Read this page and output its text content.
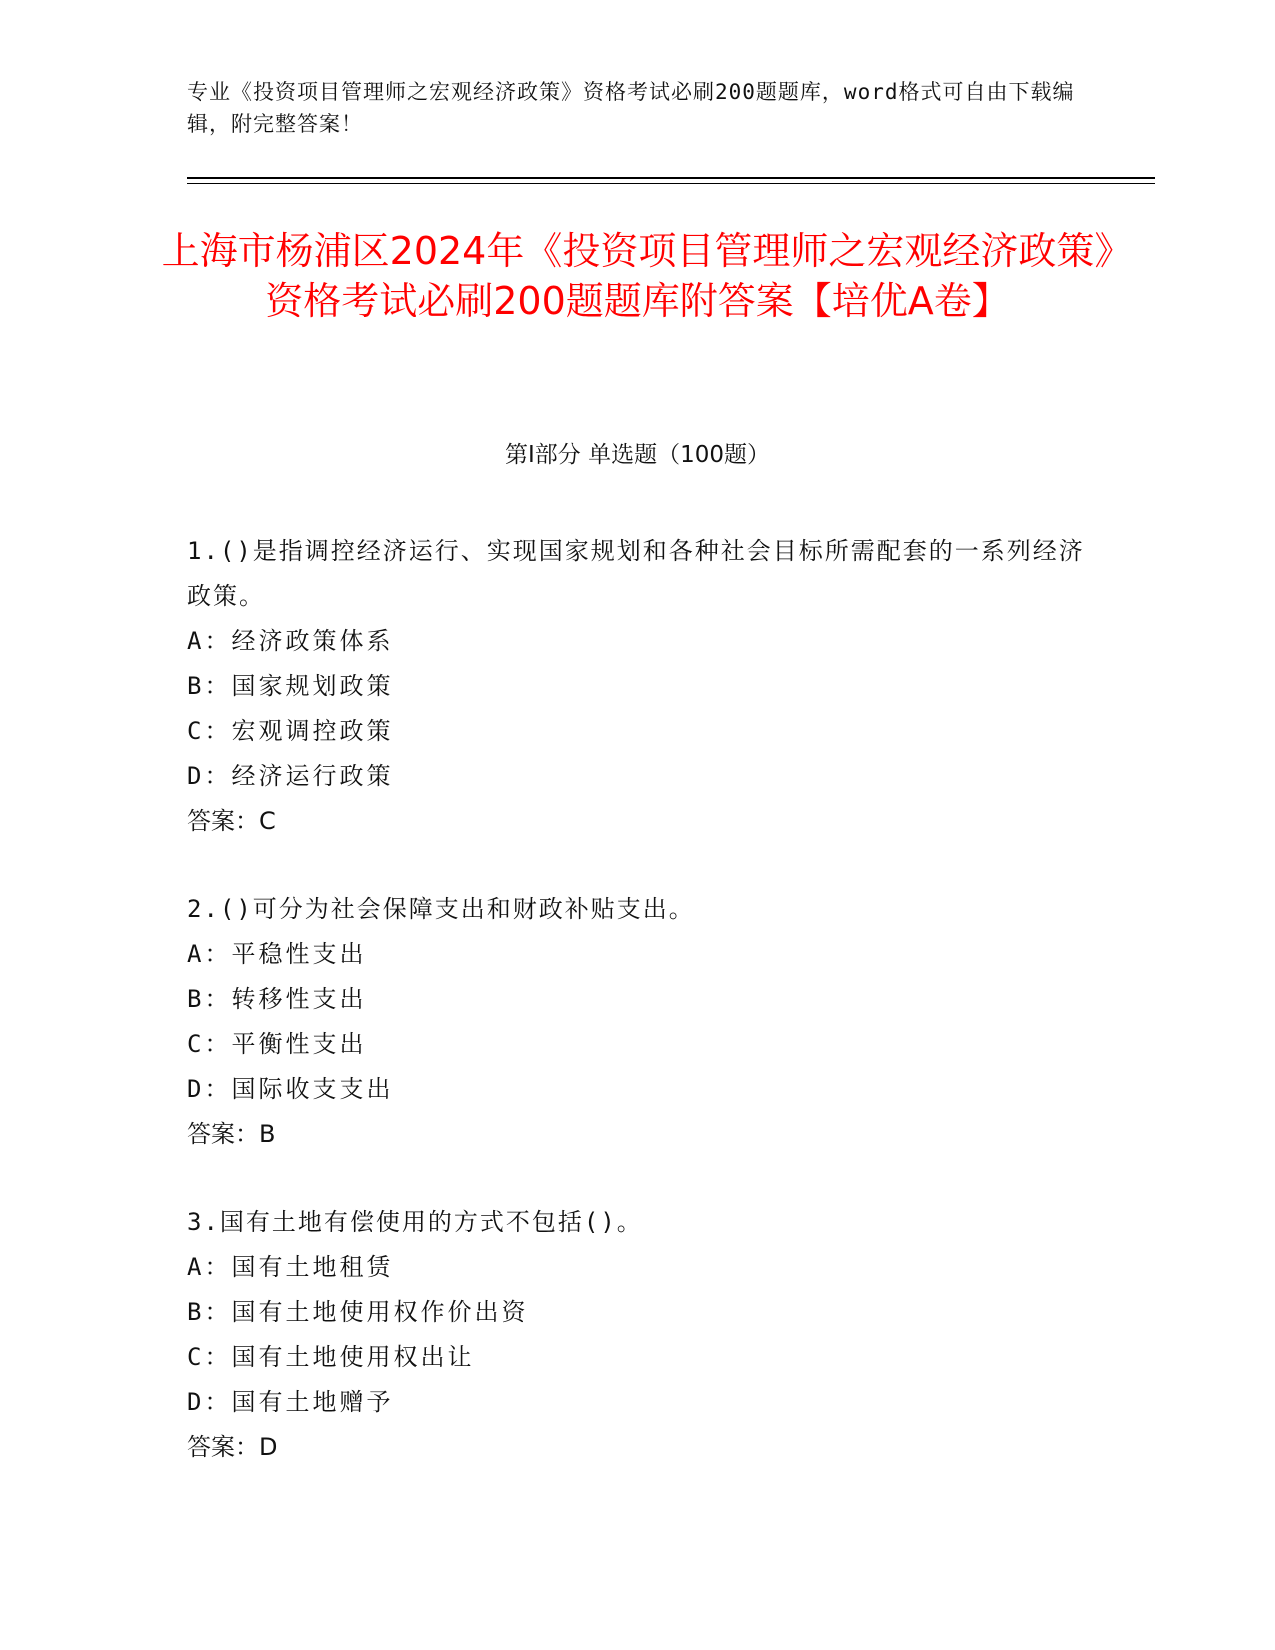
专业《投资项目管理师之宏观经济政策》资格考试必刷200题题库，word格式可自由下载编辑，附完整答案！
上海市杨浦区2024年《投资项目管理师之宏观经济政策》资格考试必刷200题题库附答案【培优A卷】
第I部分 单选题（100题）
1.()是指调控经济运行、实现国家规划和各种社会目标所需配套的一系列经济政策。
A：经济政策体系
B：国家规划政策
C：宏观调控政策
D：经济运行政策
答案：C
2.()可分为社会保障支出和财政补贴支出。
A：平稳性支出
B：转移性支出
C：平衡性支出
D：国际收支支出
答案：B
3.国有土地有偿使用的方式不包括()。
A：国有土地租赁
B：国有土地使用权作价出资
C：国有土地使用权出让
D：国有土地赠予
答案：D
